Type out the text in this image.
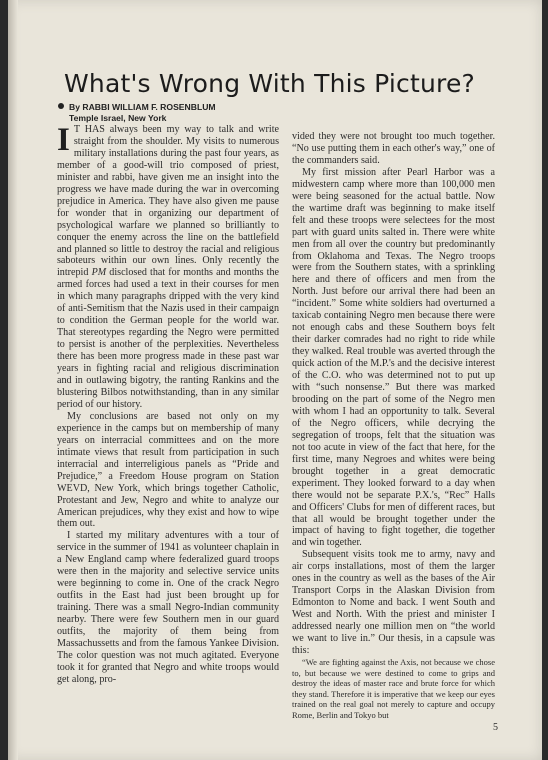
What's Wrong With This Picture?
By RABBI WILLIAM F. ROSENBLUM
Temple Israel, New York

I T HAS always been my way to talk and write straight from the shoulder. My visits to numerous military installations during the past four years, as member of a good-will trio composed of priest, minister and rabbi, have given me an insight into the progress we have made during the war in overcoming prejudice in America. They have also given me pause for wonder that in organizing our department of psychological warfare we planned so brilliantly to conquer the enemy across the line on the battlefield and planned so little to destroy the racial and religious saboteurs within our own lines. Only recently the intrepid PM disclosed that for months and months the armed forces had used a text in their courses for men in which many paragraphs dripped with the very kind of anti-Semitism that the Nazis used in their campaign to condition the German people for the world war. That stereotypes regarding the Negro were permitted to persist is another of the perplexities. Nevertheless there has been more progress made in these past war years in fighting racial and religious discrimination and in outlawing bigotry, the ranting Rankins and the blustering Bilbos notwithstanding, than in any similar period of our history.

My conclusions are based not only on my experience in the camps but on membership of many years on interracial committees and on the more intimate views that result from participation in such interracial and interreligious panels as “Pride and Prejudice,” a Freedom House program on Station WEVD, New York, which brings together Catholic, Protestant and Jew, Negro and white to analyze our American prejudices, why they exist and how to wipe them out.

I started my military adventures with a tour of service in the summer of 1941 as volunteer chaplain in a New England camp where federalized guard troops were then in the majority and selective service units were beginning to come in. One of the crack Negro outfits in the East had just been brought up for training. There was a small Negro-Indian community nearby. There were few Southern men in our guard outfits, the majority of them being from Massachussetts and from the famous Yankee Division. The color question was not much agitated. Everyone took it for granted that Negro and white troops would get along, pro-

vided they were not brought too much together. “No use putting them in each other's way,” one of the commanders said.

My first mission after Pearl Harbor was a midwestern camp where more than 100,000 men were being seasoned for the actual battle. Now the wartime draft was beginning to make itself felt and these troops were selectees for the most part with guard units salted in. There were white men from all over the country but predominantly from Oklahoma and Texas. The Negro troops were from the Southern states, with a sprinkling here and there of officers and men from the North. Just before our arrival there had been an “incident.” Some white soldiers had overturned a taxicab containing Negro men because there were not enough cabs and these Southern boys felt their darker comrades had no right to ride while they walked. Real trouble was averted through the quick action of the M.P.'s and the decisive interest of the C.O. who was determined not to put up with “such nonsense.” But there was marked brooding on the part of some of the Negro men with whom I had an opportunity to talk. Several of the Negro officers, while decrying the segregation of troops, felt that the situation was not too acute in view of the fact that here, for the first time, many Negroes and whites were being brought together in a great democratic experiment. They looked forward to a day when there would not be separate P.X.'s, “Rec” Halls and Officers' Clubs for men of different races, but that all would be brought together under the impact of having to fight together, die together and win together.

Subsequent visits took me to army, navy and air corps installations, most of them the larger ones in the country as well as the bases of the Air Transport Corps in the Alaskan Division from Edmonton to Nome and back. I went South and West and North. With the priest and minister I addressed nearly one million men on “the world we want to live in.” Our thesis, in a capsule was this:

“We are fighting against the Axis, not because we chose to, but because we were destined to come to grips and destroy the ideas of master race and brute force for which they stand. Therefore it is imperative that we keep our eyes trained on the real goal not merely to capture and occupy Rome, Berlin and Tokyo but

5
